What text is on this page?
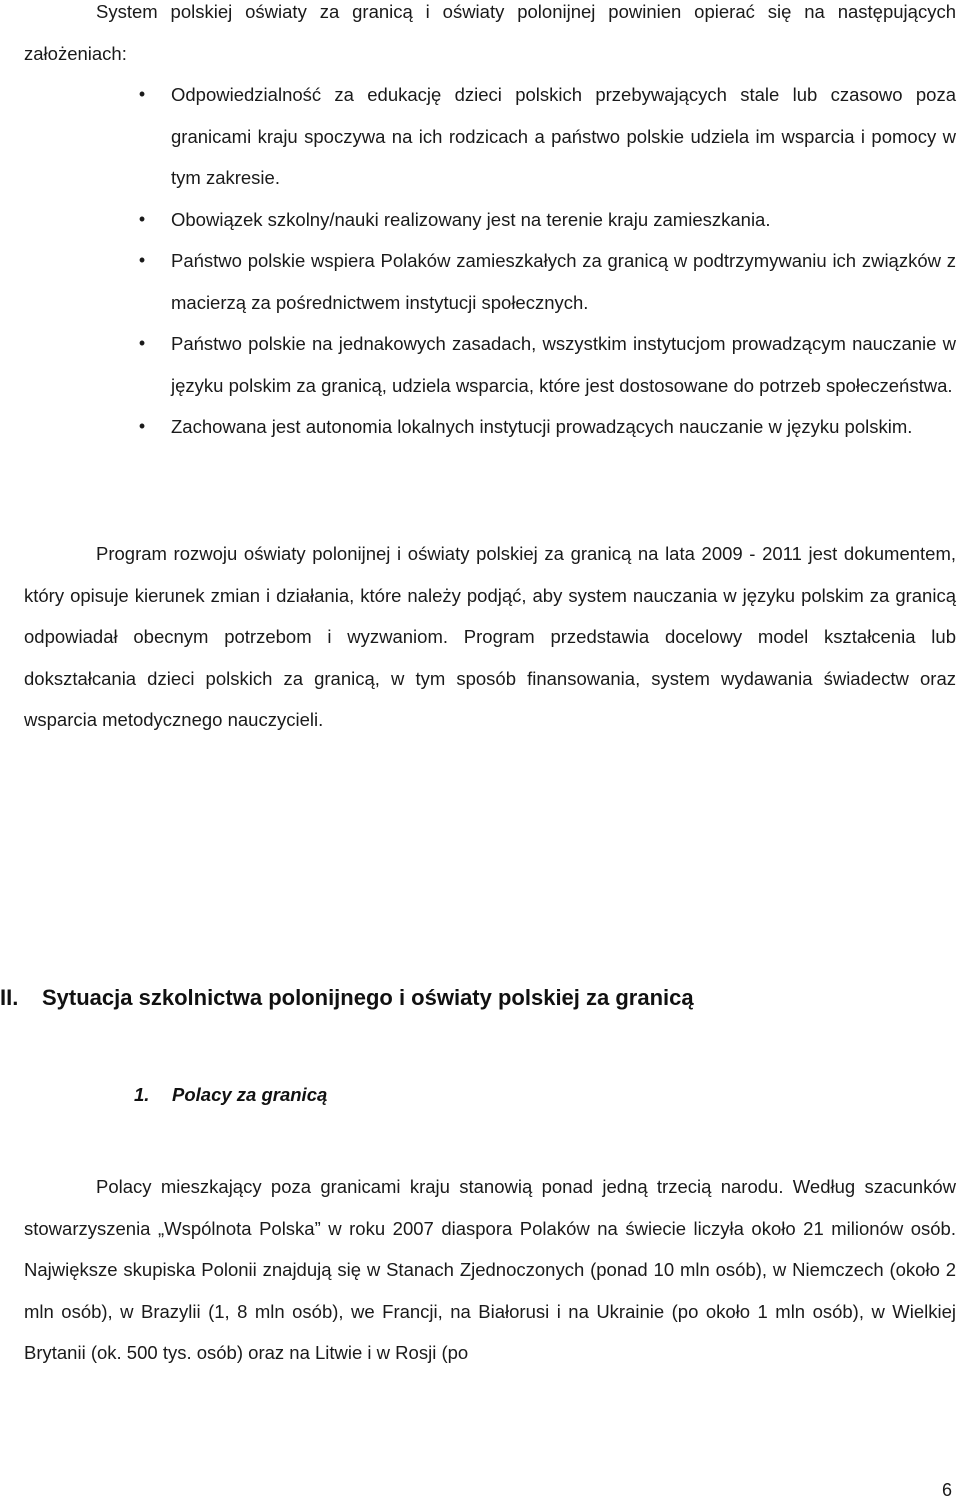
System polskiej oświaty za granicą i oświaty polonijnej powinien opierać się na następujących założeniach:

• Odpowiedzialność za edukację dzieci polskich przebywających stale lub czasowo poza granicami kraju spoczywa na ich rodzicach a państwo polskie udziela im wsparcia i pomocy w tym zakresie.
• Obowiązek szkolny/nauki realizowany jest na terenie kraju zamieszkania.
• Państwo polskie wspiera Polaków zamieszkałych za granicą w podtrzymywaniu ich związków z macierzą za pośrednictwem instytucji społecznych.
• Państwo polskie na jednakowych zasadach, wszystkim instytucjom prowadzącym nauczanie w języku polskim za granicą, udziela wsparcia, które jest dostosowane do potrzeb społeczeństwa.
• Zachowana jest autonomia lokalnych instytucji prowadzących nauczanie w języku polskim.

Program rozwoju oświaty polonijnej i oświaty polskiej za granicą na lata 2009 - 2011 jest dokumentem, który opisuje kierunek zmian i działania, które należy podjąć, aby system nauczania w języku polskim za granicą odpowiadał obecnym potrzebom i wyzwaniom. Program przedstawia docelowy model kształcenia lub dokształcania dzieci polskich za granicą, w tym sposób finansowania, system wydawania świadectw oraz wsparcia metodycznego nauczycieli.

II. Sytuacja szkolnictwa polonijnego i oświaty polskiej za granicą
1. Polacy za granicą

Polacy mieszkający poza granicami kraju stanowią ponad jedną trzecią narodu. Według szacunków stowarzyszenia „Wspólnota Polska” w roku 2007 diaspora Polaków na świecie liczyła około 21 milionów osób. Największe skupiska Polonii znajdują się w Stanach Zjednoczonych (ponad 10 mln osób), w Niemczech (około 2 mln osób), w Brazylii (1, 8 mln osób), we Francji, na Białorusi i na Ukrainie (po około 1 mln osób), w Wielkiej Brytanii (ok. 500 tys. osób) oraz na Litwie i w Rosji (po

6
